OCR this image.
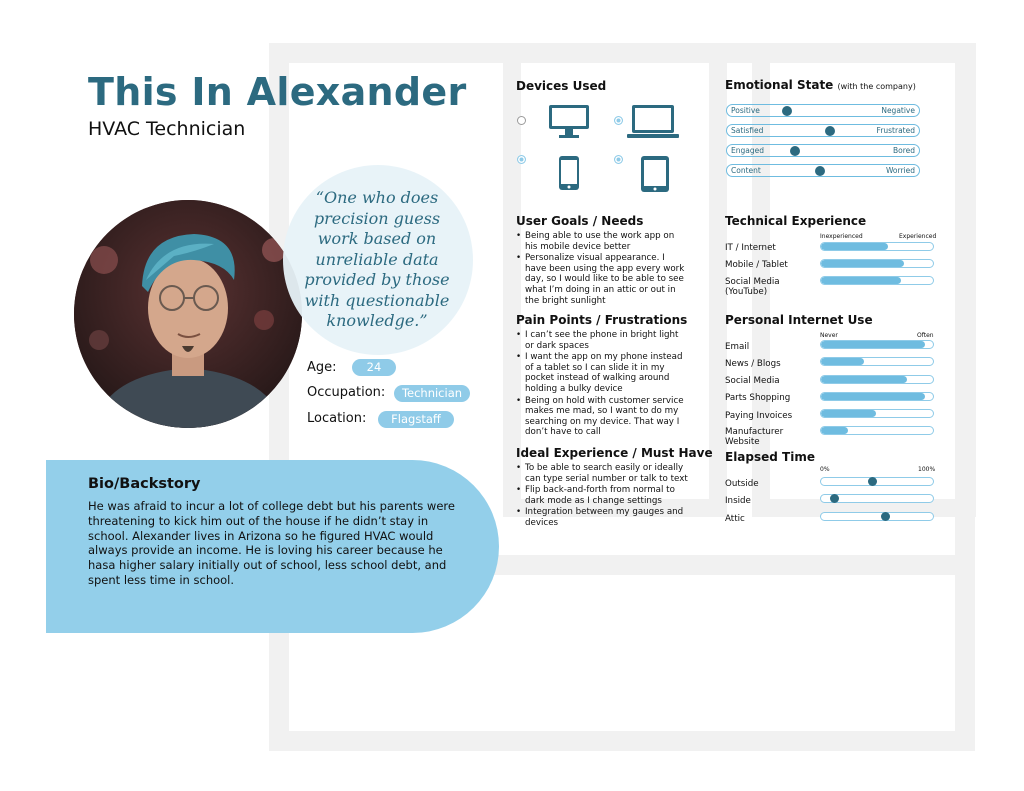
This In Alexander
HVAC Technician
“One who does precision guess work based on unreliable data provided by those with questionable knowledge.”
Age:	24
Occupation:	Technician
Location:	Flagstaff
Bio/Backstory

He was afraid to incur a lot of college debt but his parents were threatening to kick him out of the house if he didn’t stay in school. Alexander lives in Arizona so he figured HVAC would always provide an income. He is loving his career because he hasa higher salary initially out of school, less school debt, and spent less time in school.

Devices Used
User Goals / Needs
• Being able to use the work app on his mobile device better
• Personalize visual appearance. I have been using the app every work day, so I would like to be able to see what I’m doing in an attic or out in the bright sunlight
Pain Points / Frustrations
• I can’t see the phone in bright light or dark spaces
• I want the app on my phone instead of a tablet so I can slide it in my pocket instead of walking around holding a bulky device
• Being on hold with customer service makes me mad, so I want to do my searching on my device. That way I don’t have to call
Ideal Experience / Must Have
• To be able to search easily or ideally can type serial number or talk to text
• Flip back-and-forth from normal to dark mode as I change settings
• Integration between my gauges and devices
Emotional State (with the company)
Positive	Negative
Satisfied	Frustrated
Engaged	Bored
Content	Worried
Technical Experience
Inexperienced	Experienced
IT / Internet
Mobile / Tablet
Social Media (YouTube)
Personal Internet Use
Never	Often
Email
News / Blogs
Social Media
Parts Shopping
Paying Invoices
Manufacturer Website
Elapsed Time
0%	100%
Outside
Inside
Attic
